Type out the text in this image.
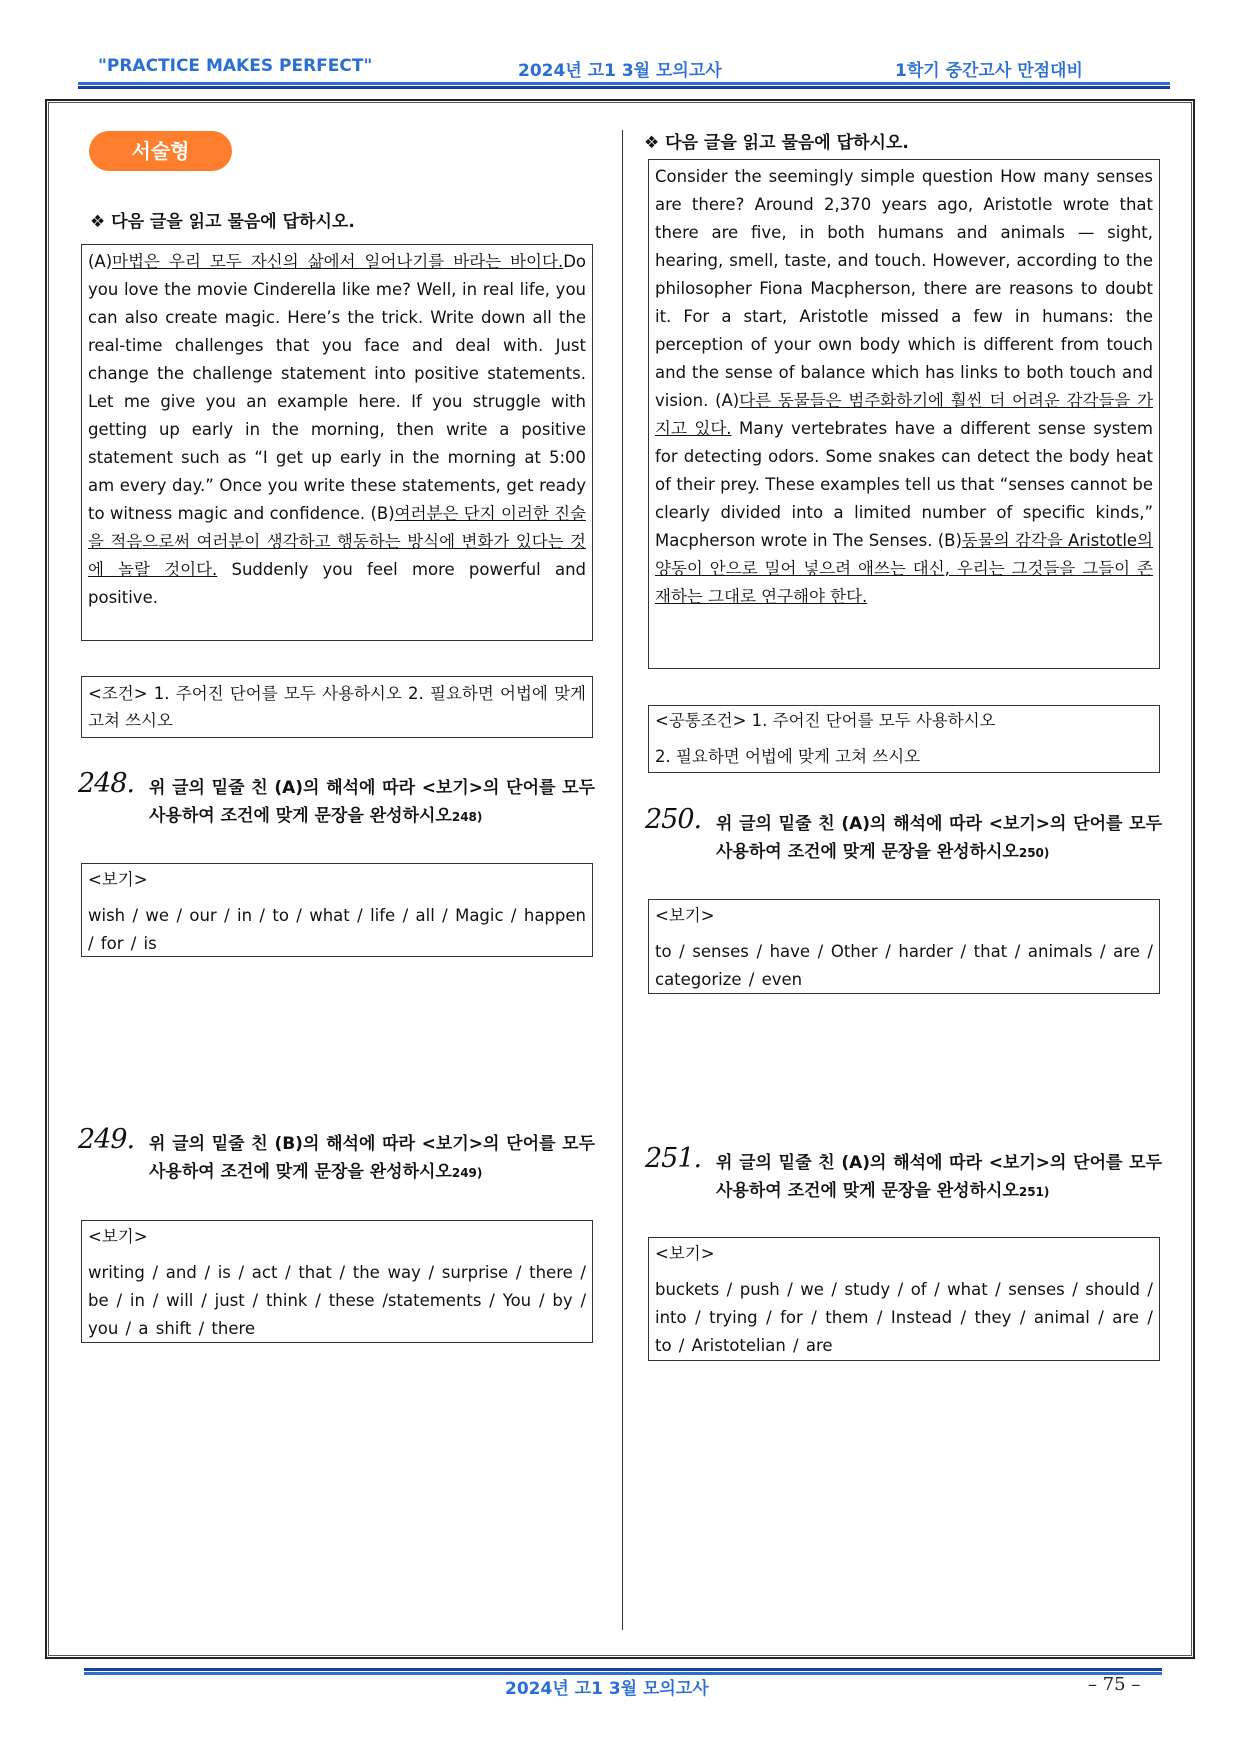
"PRACTICE MAKES PERFECT"	2024년 고1 3월 모의고사	1학기 중간고사 만점대비
서술형
❖ 다음 글을 읽고 물음에 답하시오.
(A)마법은 우리 모두 자신의 삶에서 일어나기를 바라는 바이다.Do you love the movie Cinderella like me? Well, in real life, you can also create magic. Here’s the trick. Write down all the real-time challenges that you face and deal with. Just change the challenge statement into positive statements. Let me give you an example here. If you struggle with getting up early in the morning, then write a positive statement such as “I get up early in the morning at 5:00 am every day.” Once you write these statements, get ready to witness magic and confidence. (B)여러분은 단지 이러한 진술을 적음으로써 여러분이 생각하고 행동하는 방식에 변화가 있다는 것에 놀랄 것이다. Suddenly you feel more powerful and positive.
<조건> 1. 주어진 단어를 모두 사용하시오 2. 필요하면 어법에 맞게 고쳐 쓰시오
248. 위 글의 밑줄 친 (A)의 해석에 따라 <보기>의 단어를 모두 사용하여 조건에 맞게 문장을 완성하시오248)
<보기>
wish / we / our / in / to / what / life / all / Magic / happen / for / is
249. 위 글의 밑줄 친 (B)의 해석에 따라 <보기>의 단어를 모두 사용하여 조건에 맞게 문장을 완성하시오249)
<보기>
writing / and / is / act / that / the way / surprise / there / be / in / will / just / think / these /statements / You / by / you / a shift / there
❖ 다음 글을 읽고 물음에 답하시오.
Consider the seemingly simple question How many senses are there? Around 2,370 years ago, Aristotle wrote that there are five, in both humans and animals — sight, hearing, smell, taste, and touch. However, according to the philosopher Fiona Macpherson, there are reasons to doubt it. For a start, Aristotle missed a few in humans: the perception of your own body which is different from touch and the sense of balance which has links to both touch and vision. (A)다른 동물들은 범주화하기에 훨씬 더 어려운 감각들을 가지고 있다. Many vertebrates have a different sense system for detecting odors. Some snakes can detect the body heat of their prey. These examples tell us that “senses cannot be clearly divided into a limited number of specific kinds,” Macpherson wrote in The Senses. (B)동물의 감각을 Aristotle의 양동이 안으로 밀어 넣으려 애쓰는 대신, 우리는 그것들을 그들이 존재하는 그대로 연구해야 한다.
<공통조건> 1. 주어진 단어를 모두 사용하시오
2. 필요하면 어법에 맞게 고쳐 쓰시오
250. 위 글의 밑줄 친 (A)의 해석에 따라 <보기>의 단어를 모두 사용하여 조건에 맞게 문장을 완성하시오250)
<보기>
to / senses / have / Other / harder / that / animals / are / categorize / even
251. 위 글의 밑줄 친 (A)의 해석에 따라 <보기>의 단어를 모두 사용하여 조건에 맞게 문장을 완성하시오251)
<보기>
buckets / push / we / study / of / what / senses / should / into / trying / for / them / Instead / they / animal / are / to / Aristotelian / are
2024년 고1 3월 모의고사	– 75 –
